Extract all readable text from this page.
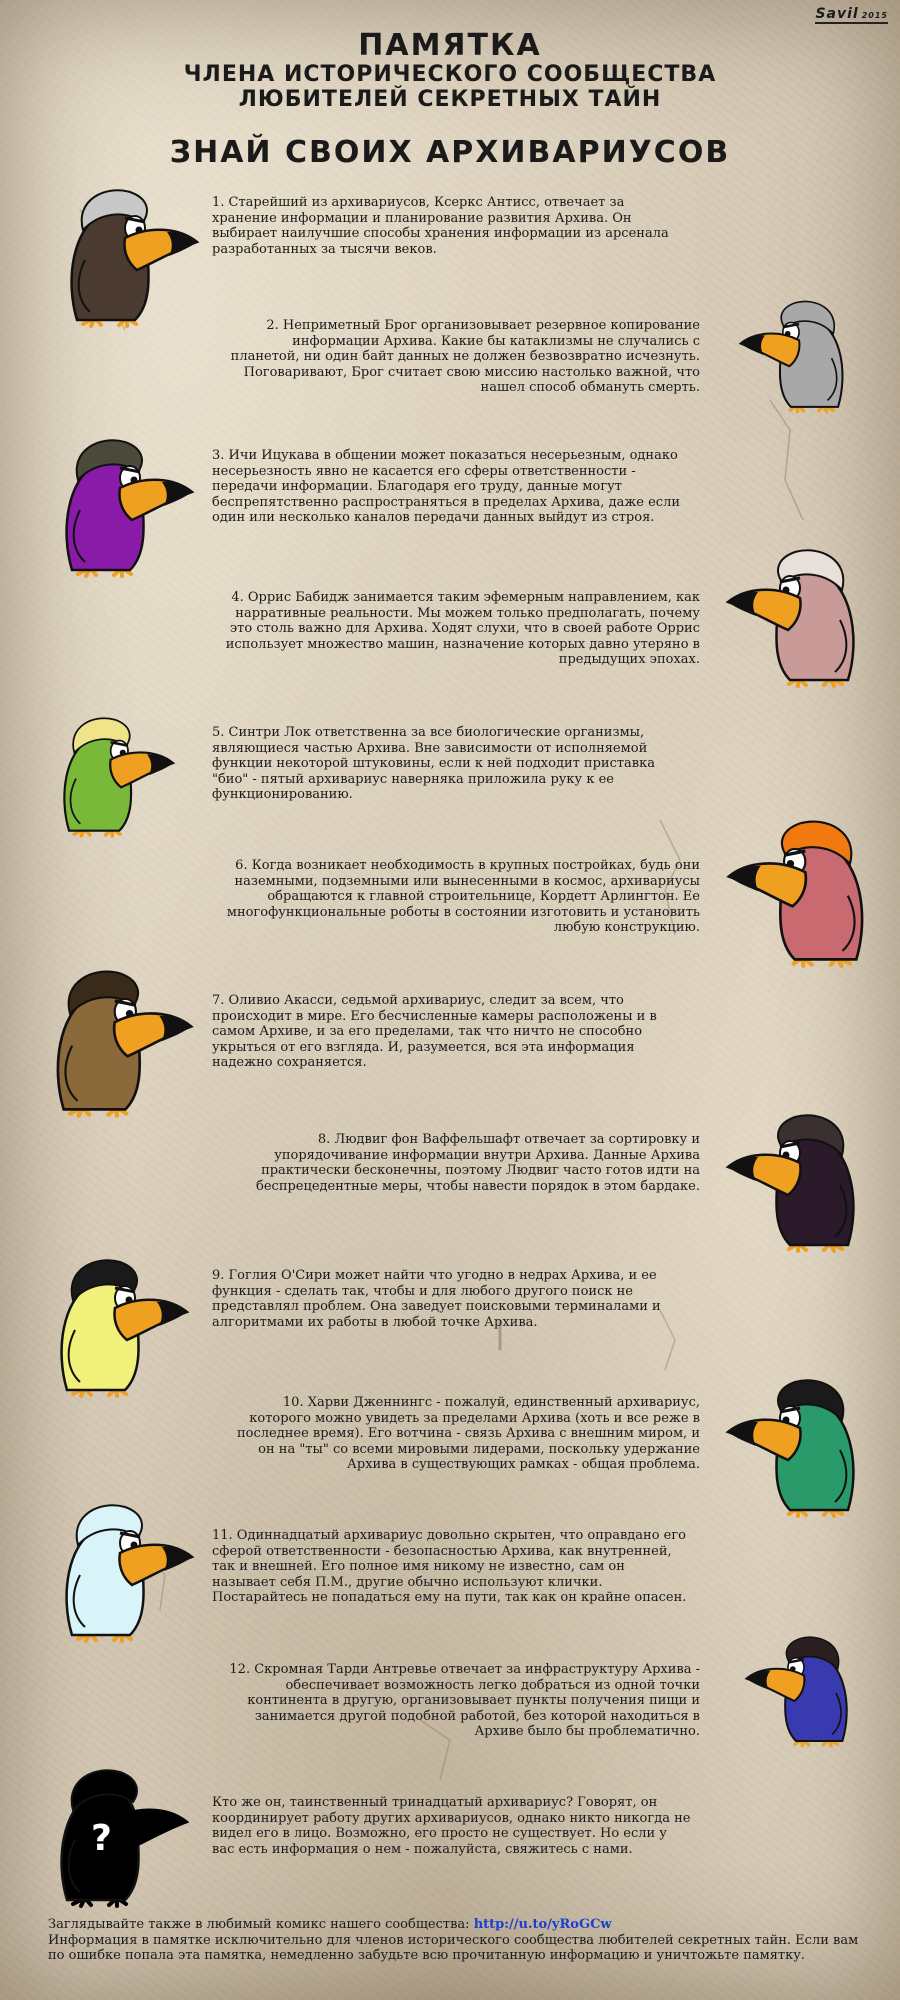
Savil 2015
ПАМЯТКА
ЧЛЕНА ИСТОРИЧЕСКОГО СООБЩЕСТВА
ЛЮБИТЕЛЕЙ СЕКРЕТНЫХ ТАЙН
ЗНАЙ СВОИХ АРХИВАРИУСОВ
1. Старейший из архивариусов, Ксеркс Антисс, отвечает за хранение информации и планирование развития Архива. Он выбирает наилучшие способы хранения информации из арсенала разработанных за тысячи веков.
2. Неприметный Брог организовывает резервное копирование информации Архива. Какие бы катаклизмы не случались с планетой, ни один байт данных не должен безвозвратно исчезнуть. Поговаривают, Брог считает свою миссию настолько важной, что нашел способ обмануть смерть.
3. Ичи Ицукава в общении может показаться несерьезным, однако несерьезность явно не касается его сферы ответственности - передачи информации. Благодаря его труду, данные могут беспрепятственно распространяться в пределах Архива, даже если один или несколько каналов передачи данных выйдут из строя.
4. Оррис Бабидж занимается таким эфемерным направлением, как нарративные реальности. Мы можем только предполагать, почему это столь важно для Архива. Ходят слухи, что в своей работе Оррис использует множество машин, назначение которых давно утеряно в предыдущих эпохах.
5. Синтри Лок ответственна за все биологические организмы, являющиеся частью Архива. Вне зависимости от исполняемой функции некоторой штуковины, если к ней подходит приставка "био" - пятый архивариус наверняка приложила руку к ее функционированию.
6. Когда возникает необходимость в крупных постройках, будь они наземными, подземными или вынесенными в космос, архивариусы обращаются к главной строительнице, Кордетт Арлингтон. Ее многофункциональные роботы в состоянии изготовить и установить любую конструкцию.
7. Оливио Акасси, седьмой архивариус, следит за всем, что происходит в мире. Его бесчисленные камеры расположены и в самом Архиве, и за его пределами, так что ничто не способно укрыться от его взгляда. И, разумеется, вся эта информация надежно сохраняется.
8. Людвиг фон Ваффельшафт отвечает за сортировку и упорядочивание информации внутри Архива. Данные Архива практически бесконечны, поэтому Людвиг часто готов идти на беспрецедентные меры, чтобы навести порядок в этом бардаке.
9. Гоглия О'Сири может найти что угодно в недрах Архива, и ее функция - сделать так, чтобы и для любого другого поиск не представлял проблем. Она заведует поисковыми терминалами и алгоритмами их работы в любой точке Архива.
10. Харви Дженнингс - пожалуй, единственный архивариус, которого можно увидеть за пределами Архива (хоть и все реже в последнее время). Его вотчина - связь Архива с внешним миром, и он на "ты" со всеми мировыми лидерами, поскольку удержание Архива в существующих рамках - общая проблема.
11. Одиннадцатый архивариус довольно скрытен, что оправдано его сферой ответственности - безопасностью Архива, как внутренней, так и внешней. Его полное имя никому не известно, сам он называет себя П.М., другие обычно используют клички. Постарайтесь не попадаться ему на пути, так как он крайне опасен.
12. Скромная Тарди Антревье отвечает за инфраструктуру Архива - обеспечивает возможность легко добраться из одной точки континента в другую, организовывает пункты получения пищи и занимается другой подобной работой, без которой находиться в Архиве было бы проблематично.
Кто же он, таинственный тринадцатый архивариус? Говорят, он координирует работу других архивариусов, однако никто никогда не видел его в лицо. Возможно, его просто не существует. Но если у вас есть информация о нем - пожалуйста, свяжитесь с нами.
?
Заглядывайте также в любимый комикс нашего сообщества: http://u.to/yRoGCw
Информация в памятке исключительно для членов исторического сообщества любителей секретных тайн. Если вам по ошибке попала эта памятка, немедленно забудьте всю прочитанную информацию и уничтожьте памятку.
